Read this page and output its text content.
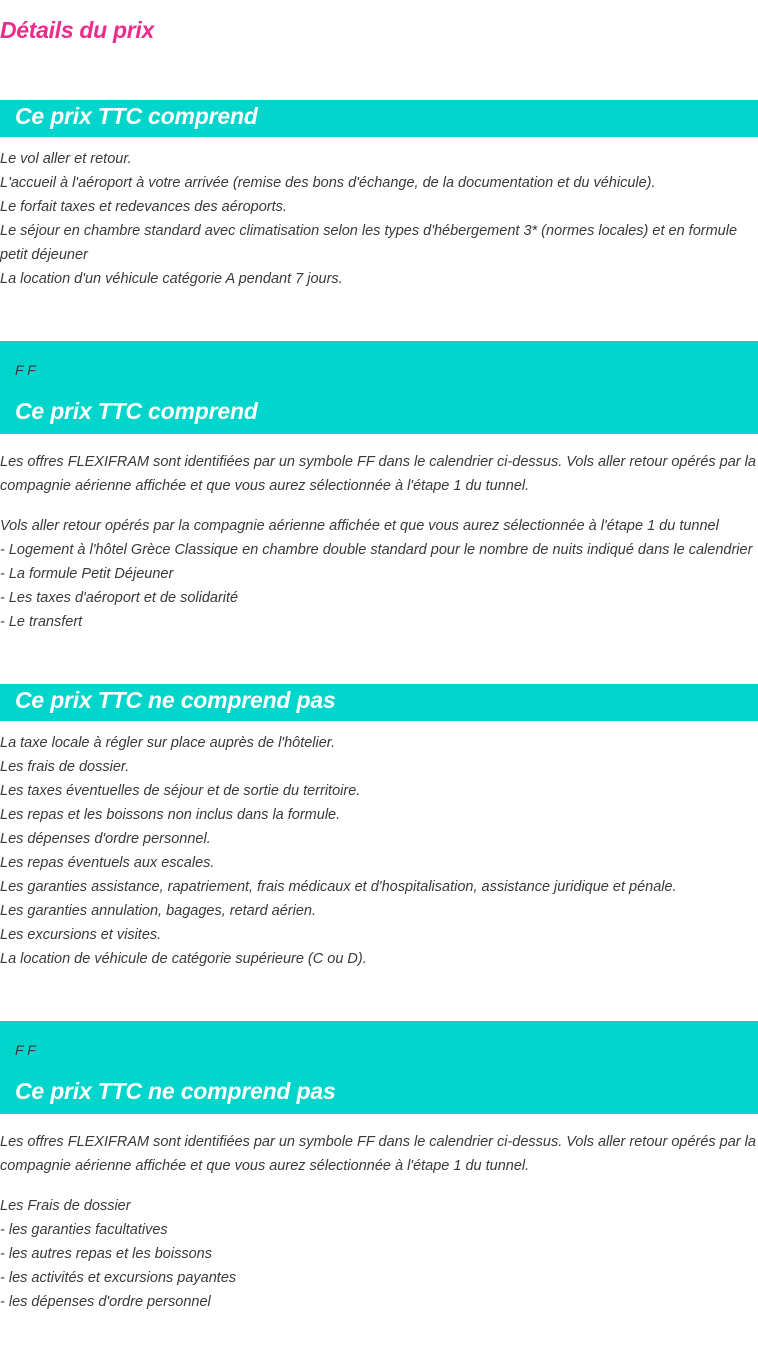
Détails du prix
Ce prix TTC comprend
Le vol aller et retour.
L'accueil à l'aéroport à votre arrivée (remise des bons d'échange, de la documentation et du véhicule).
Le forfait taxes et redevances des aéroports.
Le séjour en chambre standard avec climatisation selon les types d'hébergement 3* (normes locales) et en formule petit déjeuner
La location d'un véhicule catégorie A pendant 7 jours.
F F
Ce prix TTC comprend
Les offres FLEXIFRAM sont identifiées par un symbole FF dans le calendrier ci-dessus. Vols aller retour opérés par la compagnie aérienne affichée et que vous aurez sélectionnée à l'étape 1 du tunnel.
Vols aller retour opérés par la compagnie aérienne affichée et que vous aurez sélectionnée à l'étape 1 du tunnel
- Logement à l'hôtel Grèce Classique en chambre double standard pour le nombre de nuits indiqué dans le calendrier
- La formule Petit Déjeuner
- Les taxes d'aéroport et de solidarité
- Le transfert
Ce prix TTC ne comprend pas
La taxe locale à régler sur place auprès de l'hôtelier.
Les frais de dossier.
Les taxes éventuelles de séjour et de sortie du territoire.
Les repas et les boissons non inclus dans la formule.
Les dépenses d'ordre personnel.
Les repas éventuels aux escales.
Les garanties assistance, rapatriement, frais médicaux et d'hospitalisation, assistance juridique et pénale.
Les garanties annulation, bagages, retard aérien.
Les excursions et visites.
La location de véhicule de catégorie supérieure (C ou D).
F F
Ce prix TTC ne comprend pas
Les offres FLEXIFRAM sont identifiées par un symbole FF dans le calendrier ci-dessus. Vols aller retour opérés par la compagnie aérienne affichée et que vous aurez sélectionnée à l'étape 1 du tunnel.
Les Frais de dossier
- les garanties facultatives
- les autres repas et les boissons
- les activités et excursions payantes
- les dépenses d'ordre personnel
